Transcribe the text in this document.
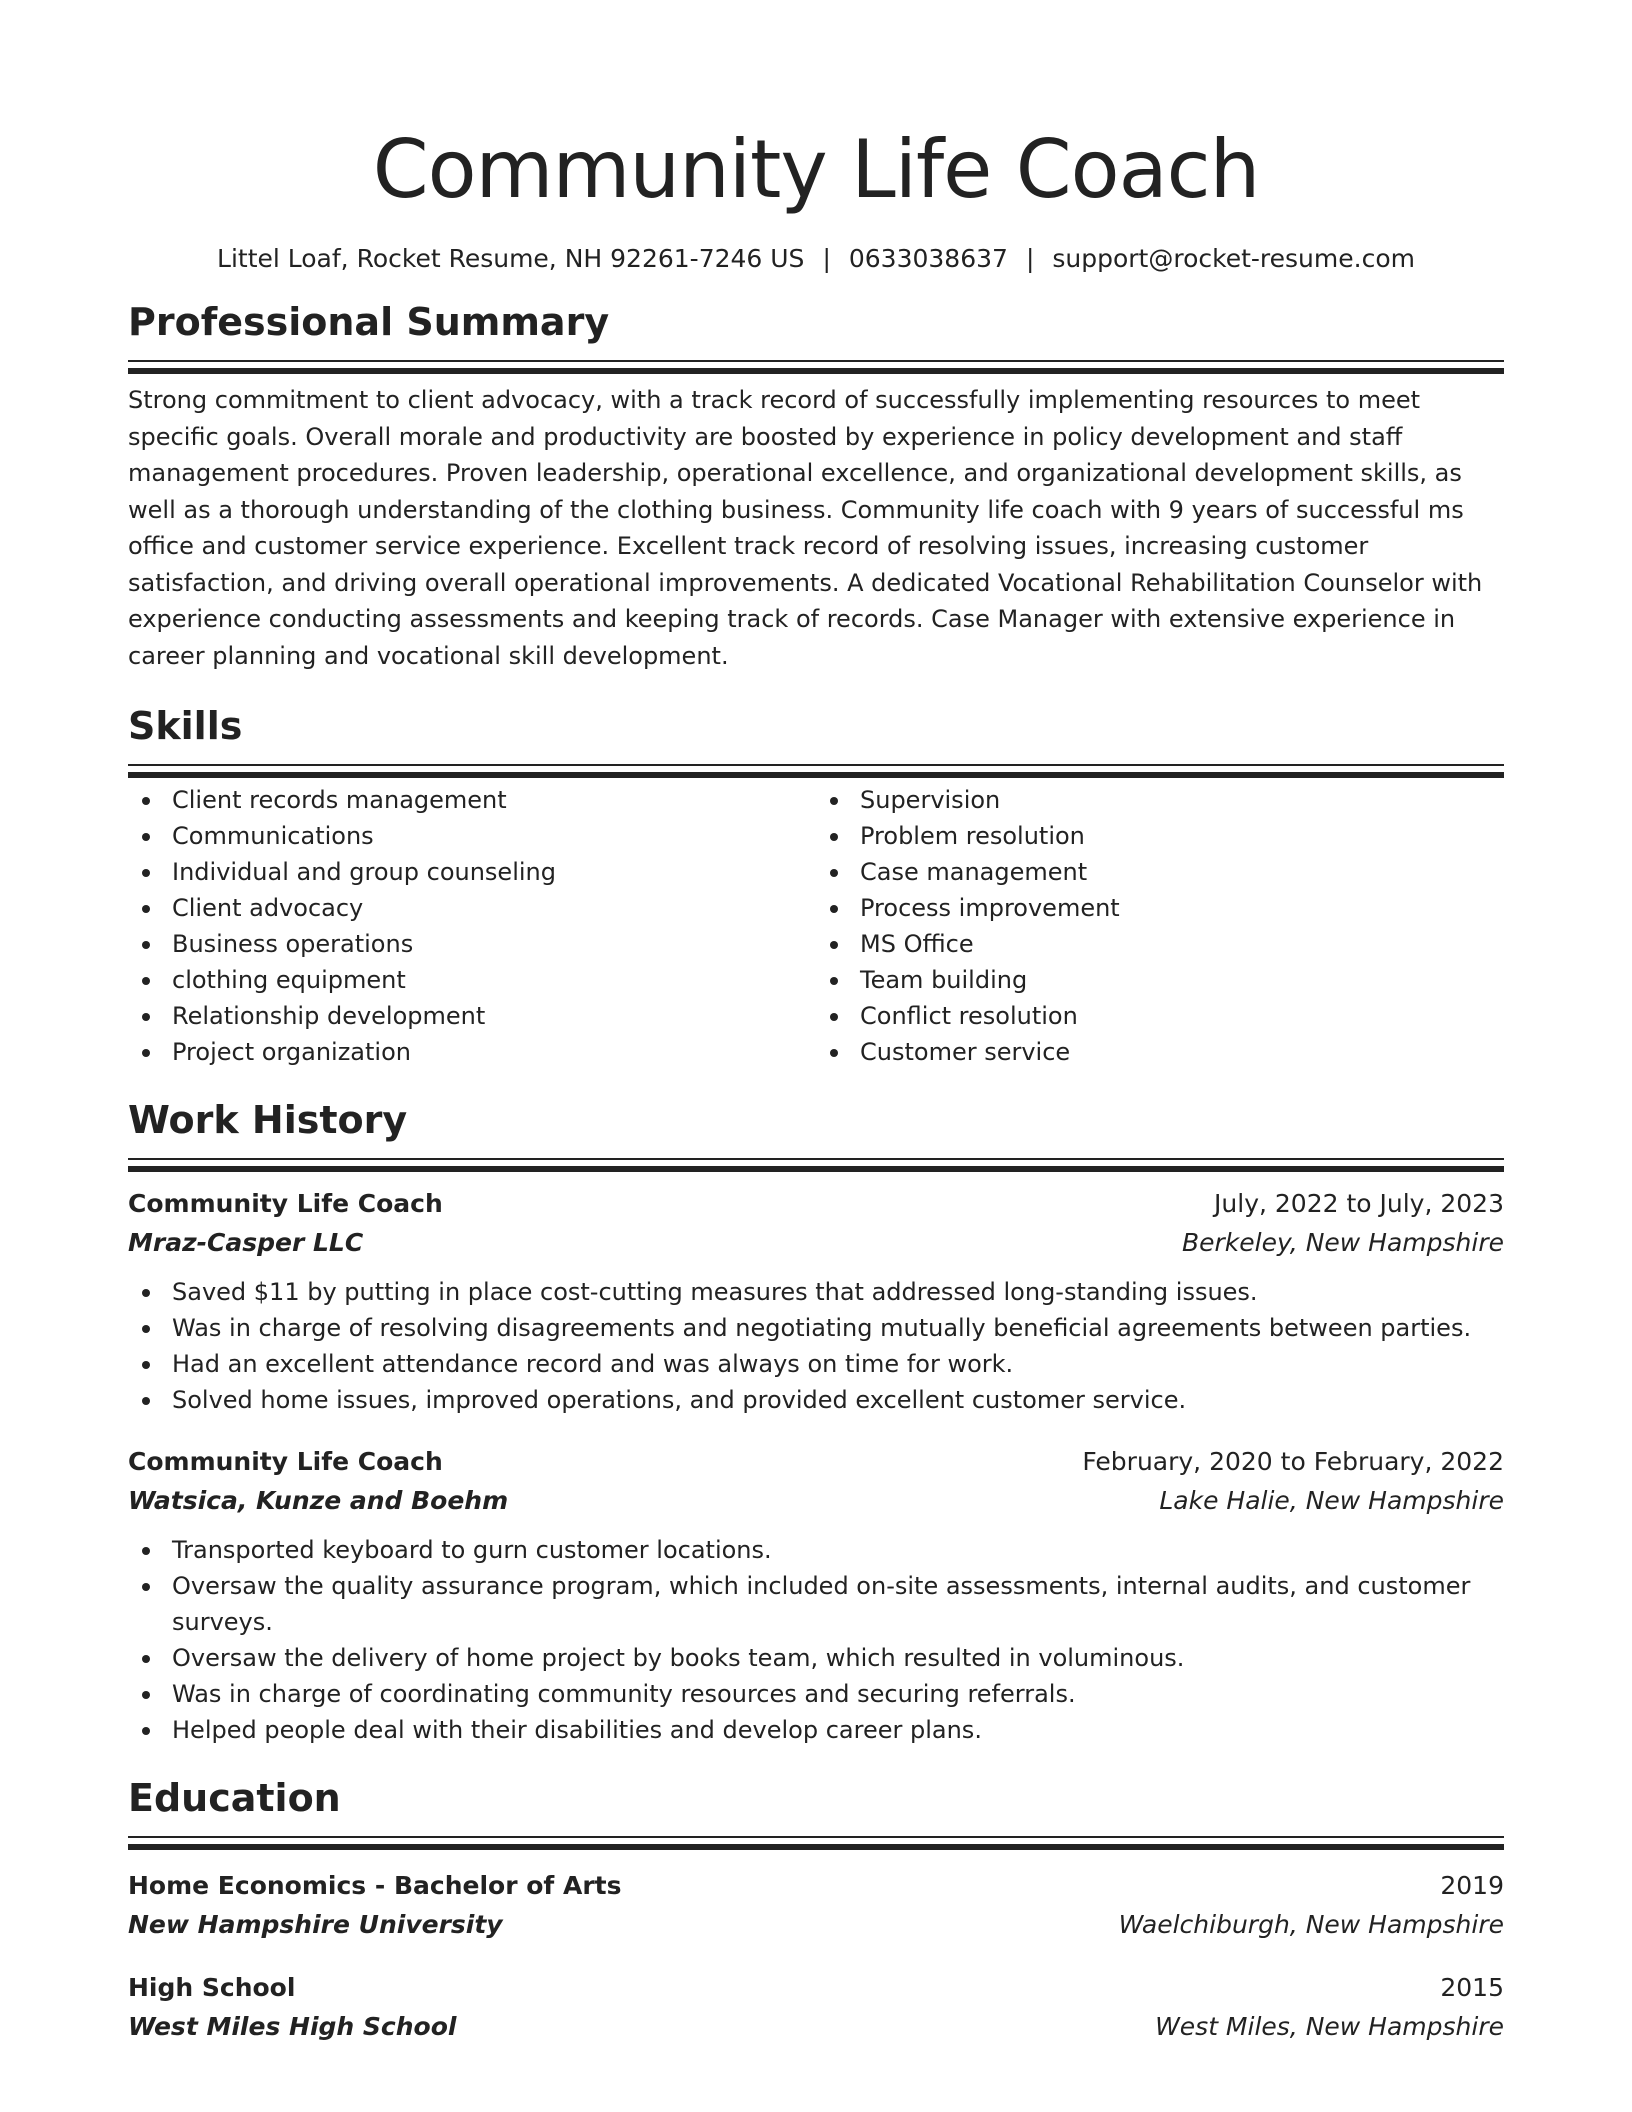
Community Life Coach
Littel Loaf, Rocket Resume, NH 92261-7246 US | 0633038637 | support@rocket-resume.com
Professional Summary

Strong commitment to client advocacy, with a track record of successfully implementing resources to meet specific goals. Overall morale and productivity are boosted by experience in policy development and staff management procedures. Proven leadership, operational excellence, and organizational development skills, as well as a thorough understanding of the clothing business. Community life coach with 9 years of successful ms office and customer service experience. Excellent track record of resolving issues, increasing customer satisfaction, and driving overall operational improvements. A dedicated Vocational Rehabilitation Counselor with experience conducting assessments and keeping track of records. Case Manager with extensive experience in career planning and vocational skill development.

Skills
Client records management
Communications
Individual and group counseling
Client advocacy
Business operations
clothing equipment
Relationship development
Project organization
Supervision
Problem resolution
Case management
Process improvement
MS Office
Team building
Conflict resolution
Customer service
Work History
Community Life Coach	July, 2022 to July, 2023
Mraz-Casper LLC	Berkeley, New Hampshire
Saved $11 by putting in place cost-cutting measures that addressed long-standing issues.
Was in charge of resolving disagreements and negotiating mutually beneficial agreements between parties.
Had an excellent attendance record and was always on time for work.
Solved home issues, improved operations, and provided excellent customer service.
Community Life Coach	February, 2020 to February, 2022
Watsica, Kunze and Boehm	Lake Halie, New Hampshire
Transported keyboard to gurn customer locations.
Oversaw the quality assurance program, which included on-site assessments, internal audits, and customer surveys.
Oversaw the delivery of home project by books team, which resulted in voluminous.
Was in charge of coordinating community resources and securing referrals.
Helped people deal with their disabilities and develop career plans.
Education
Home Economics - Bachelor of Arts	2019
New Hampshire University	Waelchiburgh, New Hampshire
High School	2015
West Miles High School	West Miles, New Hampshire
